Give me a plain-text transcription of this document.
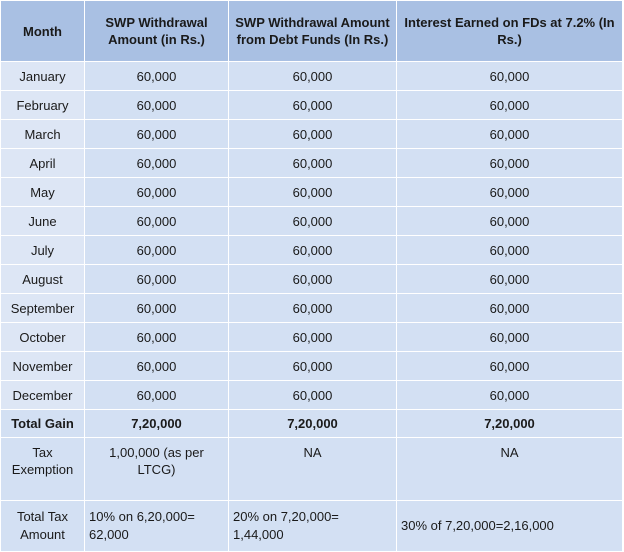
Month	SWP Withdrawal Amount (in Rs.)	SWP Withdrawal Amount from Debt Funds (In Rs.)	Interest Earned on FDs at 7.2% (In Rs.)
January	60,000	60,000	60,000
February	60,000	60,000	60,000
March	60,000	60,000	60,000
April	60,000	60,000	60,000
May	60,000	60,000	60,000
June	60,000	60,000	60,000
July	60,000	60,000	60,000
August	60,000	60,000	60,000
September	60,000	60,000	60,000
October	60,000	60,000	60,000
November	60,000	60,000	60,000
December	60,000	60,000	60,000
Total Gain	7,20,000	7,20,000	7,20,000
Tax Exemption	1,00,000 (as per LTCG)	NA	NA
Total Tax Amount	10% on 6,20,000= 62,000	20% on 7,20,000= 1,44,000	30% of 7,20,000=2,16,000
